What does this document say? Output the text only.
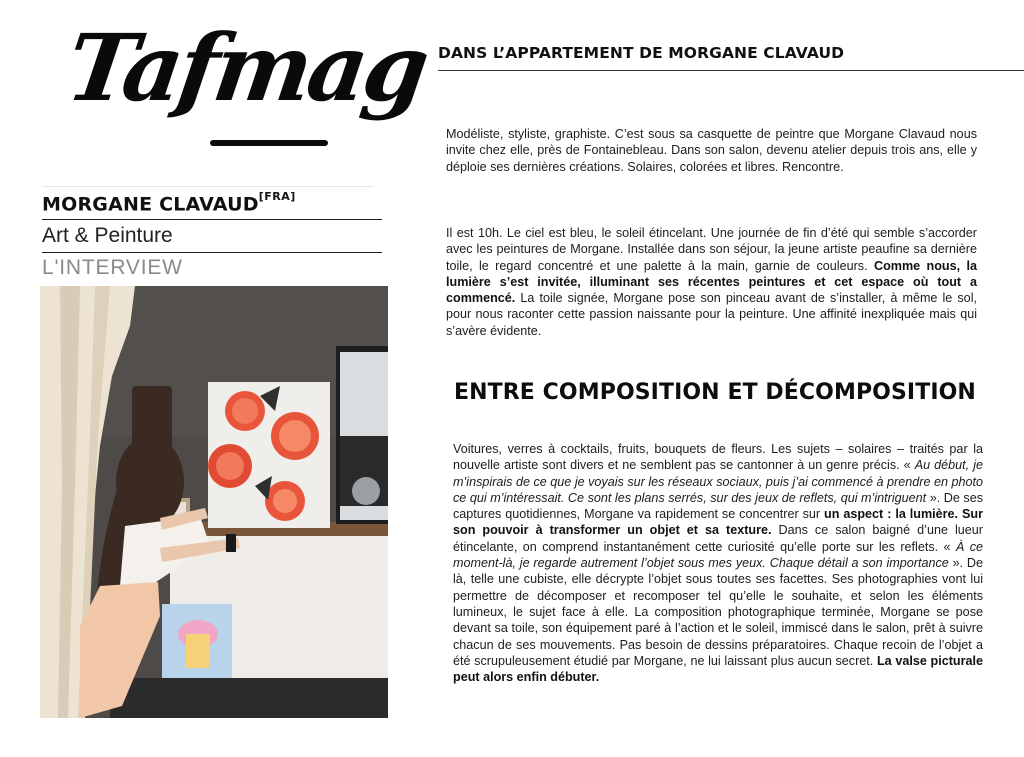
Tafmag
MORGANE CLAVAUD[FRA]
Art & Peinture
L'INTERVIEW
DANS L’APPARTEMENT DE MORGANE CLAVAUD

Modéliste, styliste, graphiste. C’est sous sa casquette de peintre que Morgane Clavaud nous invite chez elle, près de Fontainebleau. Dans son salon, devenu atelier depuis trois ans, elle y déploie ses dernières créations. Solaires, colorées et libres. Rencontre.

Il est 10h. Le ciel est bleu, le soleil étincelant. Une journée de fin d’été qui semble s’accorder avec les peintures de Morgane. Installée dans son séjour, la jeune artiste peaufine sa dernière toile, le regard concentré et une palette à la main, garnie de couleurs. Comme nous, la lumière s’est invitée, illuminant ses récentes peintures et cet espace où tout a commencé. La toile signée, Morgane pose son pinceau avant de s’installer, à même le sol, pour nous raconter cette passion naissante pour la peinture. Une affinité inexpliquée mais qui s’avère évidente.

ENTRE COMPOSITION ET DÉCOMPOSITION

Voitures, verres à cocktails, fruits, bouquets de fleurs. Les sujets – solaires – traités par la nouvelle artiste sont divers et ne semblent pas se cantonner à un genre précis. « Au début, je m’inspirais de ce que je voyais sur les réseaux sociaux, puis j’ai commencé à prendre en photo ce qui m’intéressait. Ce sont les plans serrés, sur des jeux de reflets, qui m’intriguent ». De ses captures quotidiennes, Morgane va rapidement se concentrer sur un aspect : la lumière. Sur son pouvoir à transformer un objet et sa texture. Dans ce salon baigné d’une lueur étincelante, on comprend instantanément cette curiosité qu’elle porte sur les reflets. « À ce moment-là, je regarde autrement l’objet sous mes yeux. Chaque détail a son importance ». De là, telle une cubiste, elle décrypte l’objet sous toutes ses facettes. Ses photographies vont lui permettre de décomposer et recomposer tel qu’elle le souhaite, et selon les éléments lumineux, le sujet face à elle. La composition photographique terminée, Morgane se pose devant sa toile, son équipement paré à l’action et le soleil, immiscé dans le salon, prêt à suivre chacun de ses mouvements. Pas besoin de dessins préparatoires. Chaque recoin de l’objet a été scrupuleusement étudié par Morgane, ne lui laissant plus aucun secret. La valse picturale peut alors enfin débuter.
